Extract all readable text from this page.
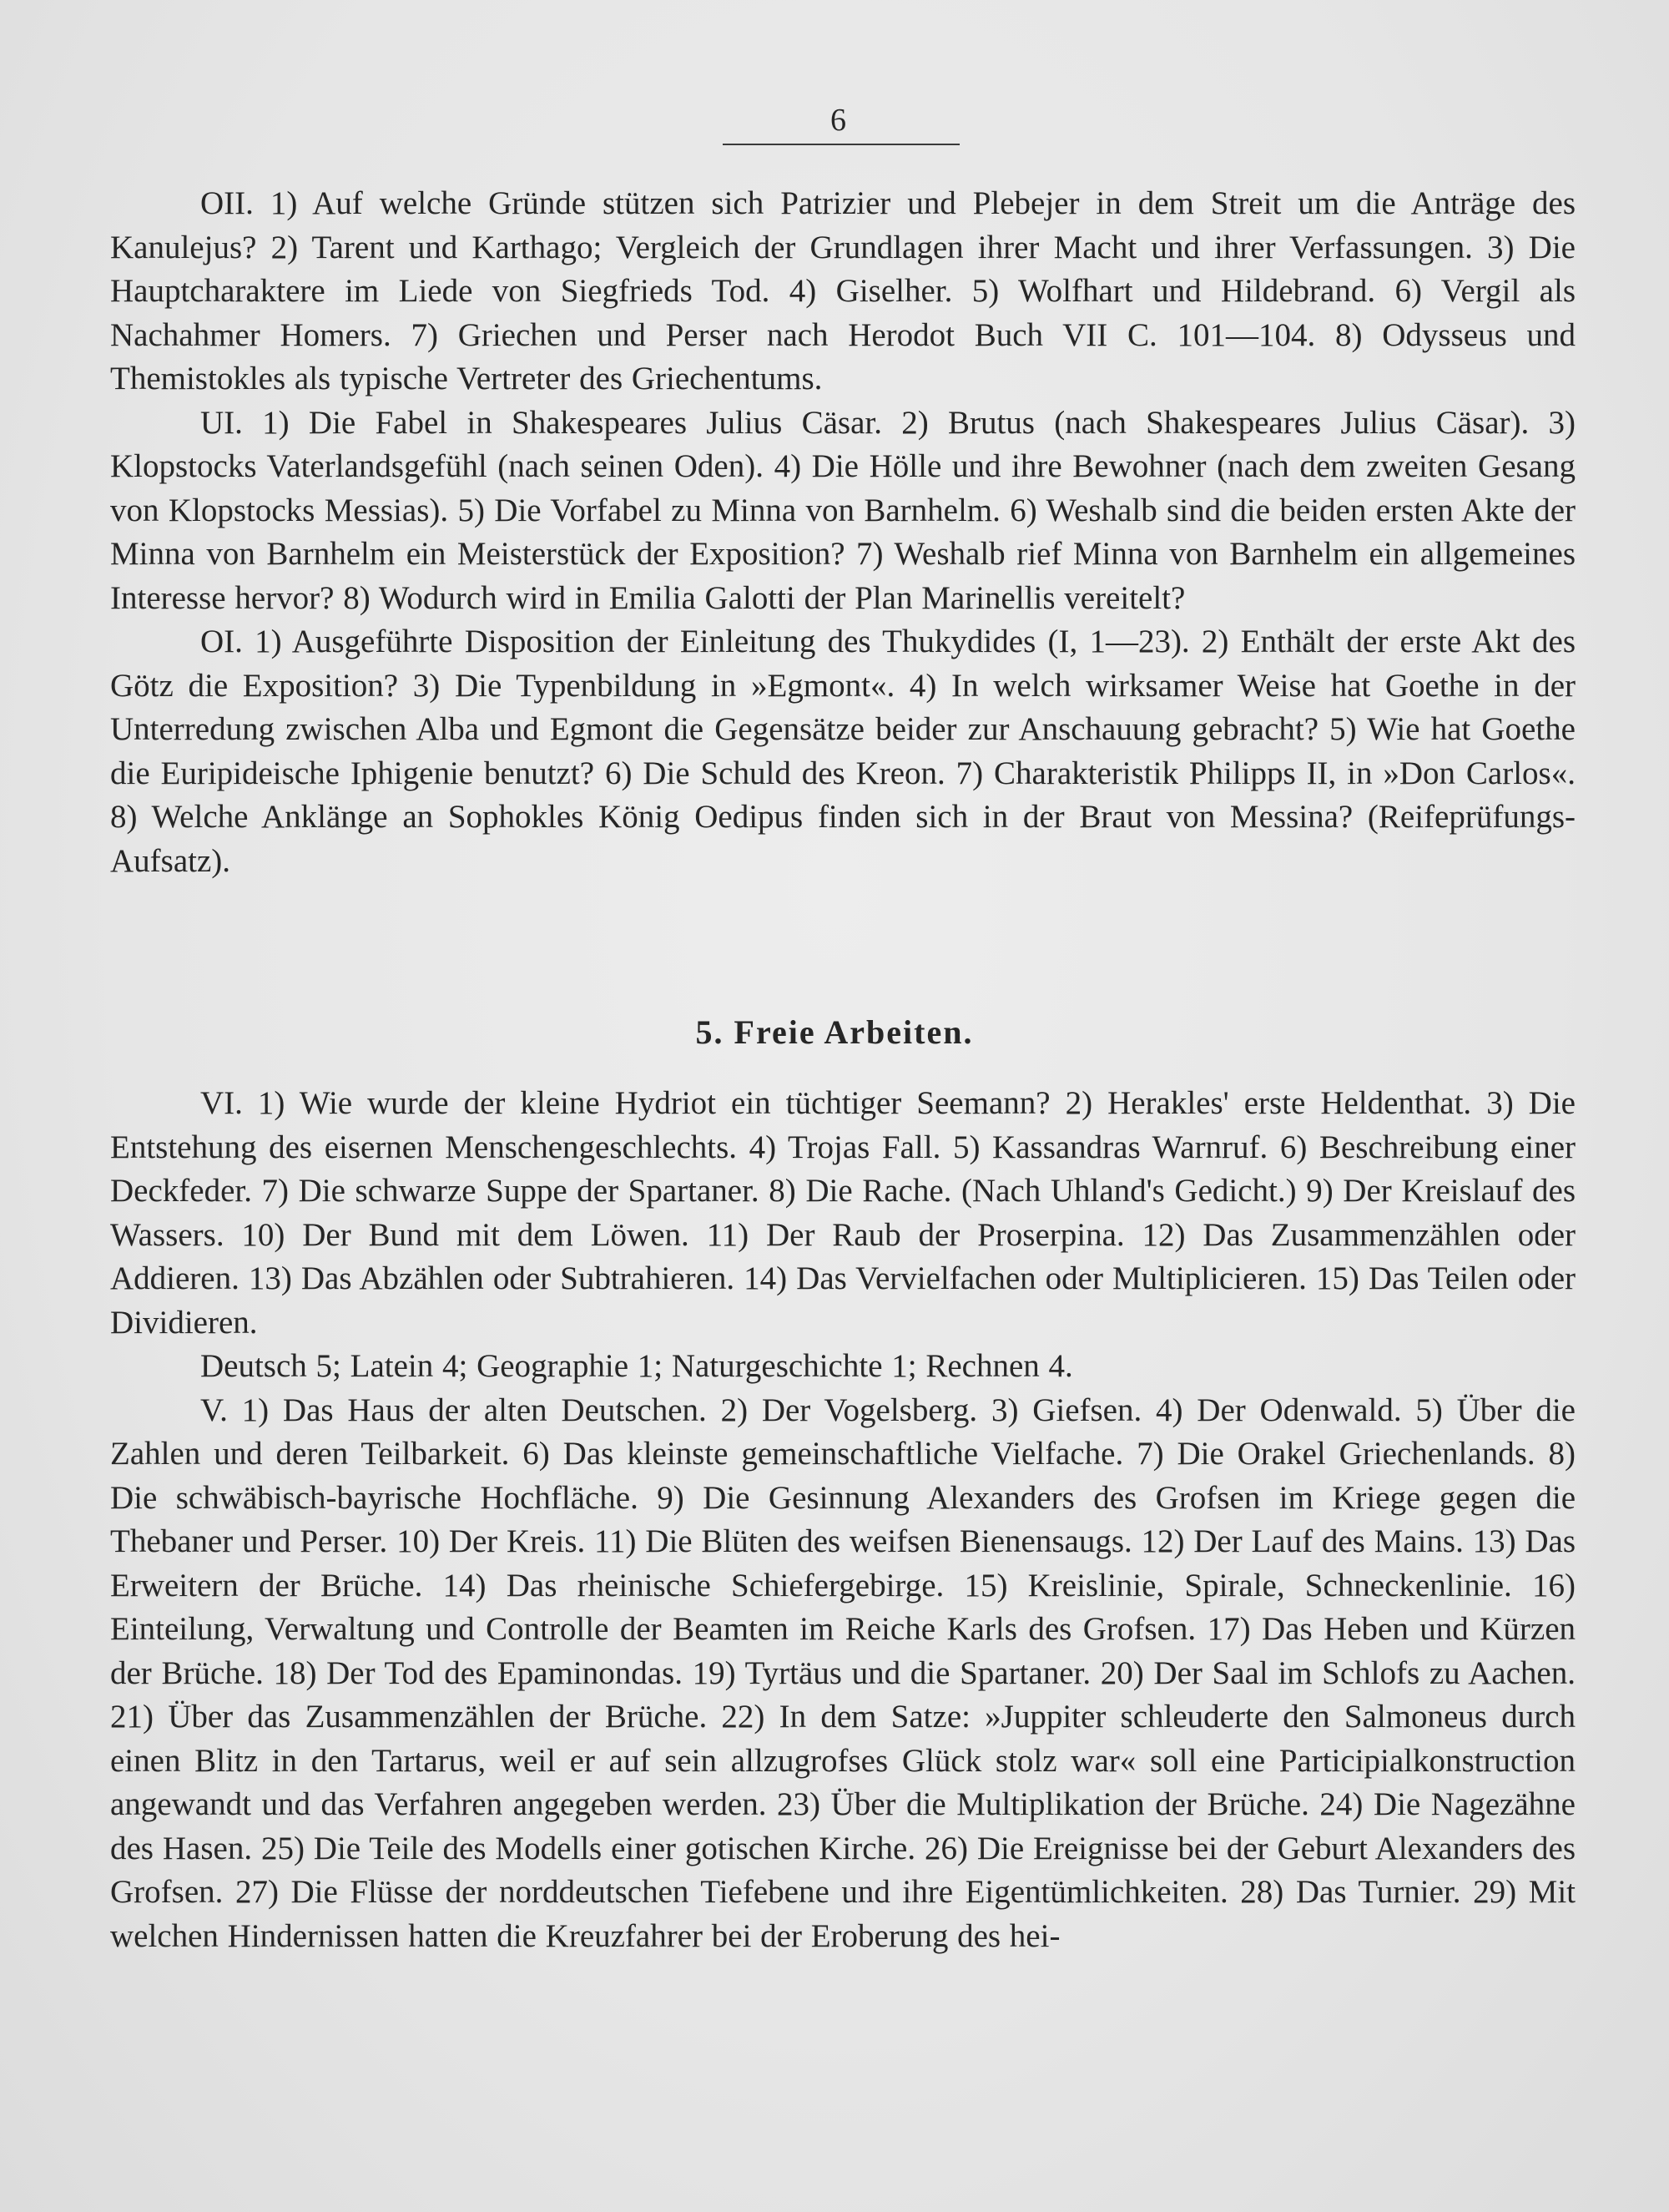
6

OII. 1) Auf welche Gründe stützen sich Patrizier und Plebejer in dem Streit um die Anträge des Kanulejus? 2) Tarent und Karthago; Vergleich der Grundlagen ihrer Macht und ihrer Verfassungen. 3) Die Hauptcharaktere im Liede von Siegfrieds Tod. 4) Giselher. 5) Wolfhart und Hildebrand. 6) Vergil als Nachahmer Homers. 7) Griechen und Perser nach Herodot Buch VII C. 101—104. 8) Odysseus und Themistokles als typische Vertreter des Griechentums.

UI. 1) Die Fabel in Shakespeares Julius Cäsar. 2) Brutus (nach Shakespeares Julius Cäsar). 3) Klopstocks Vaterlandsgefühl (nach seinen Oden). 4) Die Hölle und ihre Bewohner (nach dem zweiten Gesang von Klopstocks Messias). 5) Die Vorfabel zu Minna von Barnhelm. 6) Weshalb sind die beiden ersten Akte der Minna von Barnhelm ein Meisterstück der Exposition? 7) Weshalb rief Minna von Barnhelm ein allgemeines Interesse hervor? 8) Wodurch wird in Emilia Galotti der Plan Marinellis vereitelt?

OI. 1) Ausgeführte Disposition der Einleitung des Thukydides (I, 1—23). 2) Enthält der erste Akt des Götz die Exposition? 3) Die Typenbildung in »Egmont«. 4) In welch wirksamer Weise hat Goethe in der Unterredung zwischen Alba und Egmont die Gegensätze beider zur Anschauung gebracht? 5) Wie hat Goethe die Euripideische Iphigenie benutzt? 6) Die Schuld des Kreon. 7) Charakteristik Philipps II, in »Don Carlos«. 8) Welche Anklänge an Sophokles König Oedipus finden sich in der Braut von Messina? (Reifeprüfungs-Aufsatz).

5. Freie Arbeiten.

VI. 1) Wie wurde der kleine Hydriot ein tüchtiger Seemann? 2) Herakles' erste Heldenthat. 3) Die Entstehung des eisernen Menschengeschlechts. 4) Trojas Fall. 5) Kassandras Warnruf. 6) Beschreibung einer Deckfeder. 7) Die schwarze Suppe der Spartaner. 8) Die Rache. (Nach Uhland's Gedicht.) 9) Der Kreislauf des Wassers. 10) Der Bund mit dem Löwen. 11) Der Raub der Proserpina. 12) Das Zusammenzählen oder Addieren. 13) Das Abzählen oder Subtrahieren. 14) Das Vervielfachen oder Multiplicieren. 15) Das Teilen oder Dividieren.

Deutsch 5; Latein 4; Geographie 1; Naturgeschichte 1; Rechnen 4.

V. 1) Das Haus der alten Deutschen. 2) Der Vogelsberg. 3) Giefsen. 4) Der Odenwald. 5) Über die Zahlen und deren Teilbarkeit. 6) Das kleinste gemeinschaftliche Vielfache. 7) Die Orakel Griechenlands. 8) Die schwäbisch-bayrische Hochfläche. 9) Die Gesinnung Alexanders des Grofsen im Kriege gegen die Thebaner und Perser. 10) Der Kreis. 11) Die Blüten des weifsen Bienensaugs. 12) Der Lauf des Mains. 13) Das Erweitern der Brüche. 14) Das rheinische Schiefergebirge. 15) Kreislinie, Spirale, Schneckenlinie. 16) Einteilung, Verwaltung und Controlle der Beamten im Reiche Karls des Grofsen. 17) Das Heben und Kürzen der Brüche. 18) Der Tod des Epaminondas. 19) Tyrtäus und die Spartaner. 20) Der Saal im Schlofs zu Aachen. 21) Über das Zusammenzählen der Brüche. 22) In dem Satze: »Juppiter schleuderte den Salmoneus durch einen Blitz in den Tartarus, weil er auf sein allzugrofses Glück stolz war« soll eine Participialkonstruction angewandt und das Verfahren angegeben werden. 23) Über die Multiplikation der Brüche. 24) Die Nagezähne des Hasen. 25) Die Teile des Modells einer gotischen Kirche. 26) Die Ereignisse bei der Geburt Alexanders des Grofsen. 27) Die Flüsse der norddeutschen Tiefebene und ihre Eigentümlichkeiten. 28) Das Turnier. 29) Mit welchen Hindernissen hatten die Kreuzfahrer bei der Eroberung des hei-
